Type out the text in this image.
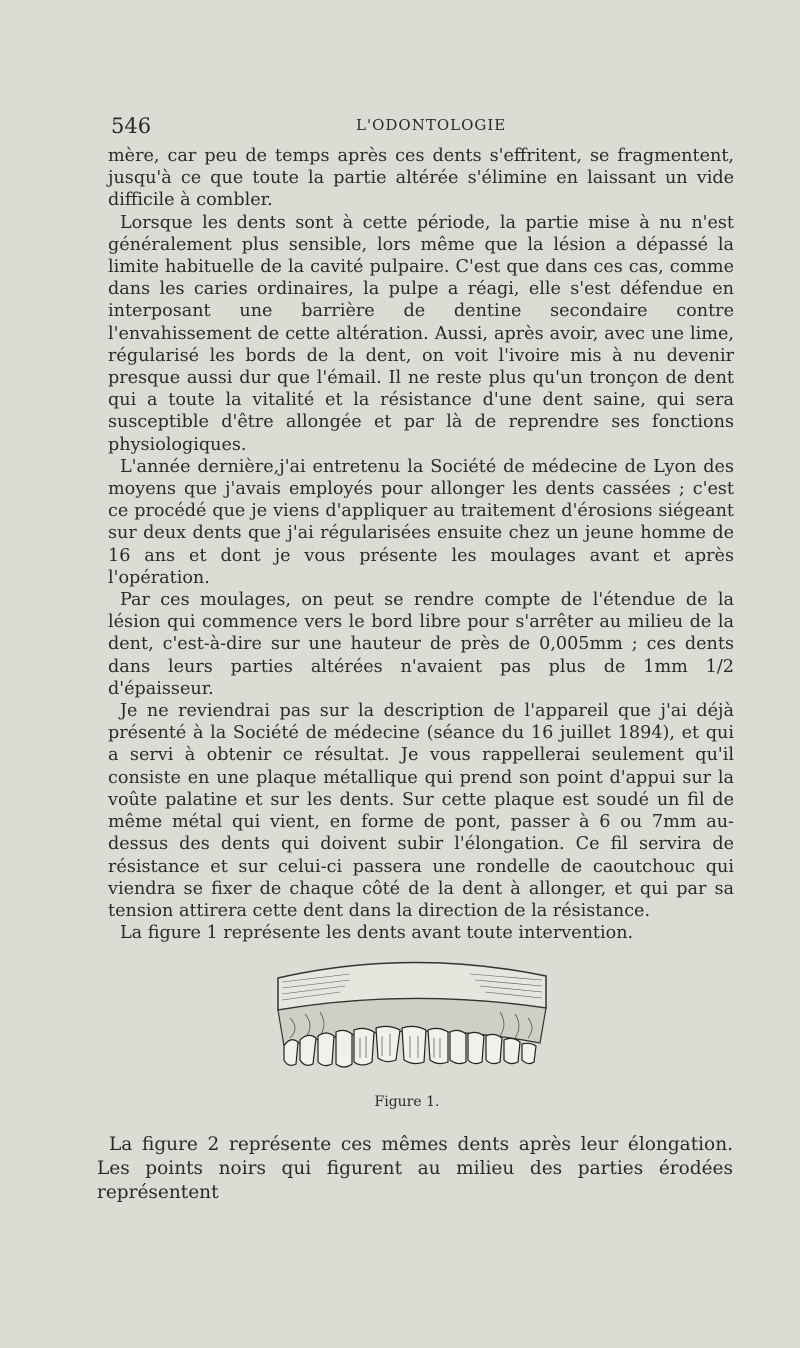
546	L'ODONTOLOGIE

mère, car peu de temps après ces dents s'effritent, se fragmentent, jusqu'à ce que toute la partie altérée s'élimine en laissant un vide difficile à combler.

Lorsque les dents sont à cette période, la partie mise à nu n'est généralement plus sensible, lors même que la lésion a dépassé la limite habituelle de la cavité pulpaire. C'est que dans ces cas, comme dans les caries ordinaires, la pulpe a réagi, elle s'est défendue en interposant une barrière de dentine secondaire contre l'envahissement de cette altération. Aussi, après avoir, avec une lime, régularisé les bords de la dent, on voit l'ivoire mis à nu devenir presque aussi dur que l'émail. Il ne reste plus qu'un tronçon de dent qui a toute la vitalité et la résistance d'une dent saine, qui sera susceptible d'être allongée et par là de reprendre ses fonctions physiologiques.

L'année dernière,j'ai entretenu la Société de médecine de Lyon des moyens que j'avais employés pour allonger les dents cassées ; c'est ce procédé que je viens d'appliquer au traitement d'érosions siégeant sur deux dents que j'ai régularisées ensuite chez un jeune homme de 16 ans et dont je vous présente les moulages avant et après l'opération.

Par ces moulages, on peut se rendre compte de l'étendue de la lésion qui commence vers le bord libre pour s'arrêter au milieu de la dent, c'est-à-dire sur une hauteur de près de 0,005mm ; ces dents dans leurs parties altérées n'avaient pas plus de 1mm 1/2 d'épaisseur.

Je ne reviendrai pas sur la description de l'appareil que j'ai déjà présenté à la Société de médecine (séance du 16 juillet 1894), et qui a servi à obtenir ce résultat. Je vous rappellerai seulement qu'il consiste en une plaque métallique qui prend son point d'appui sur la voûte palatine et sur les dents. Sur cette plaque est soudé un fil de même métal qui vient, en forme de pont, passer à 6 ou 7mm au-dessus des dents qui doivent subir l'élongation. Ce fil servira de résistance et sur celui-ci passera une rondelle de caoutchouc qui viendra se fixer de chaque côté de la dent à allonger, et qui par sa tension attirera cette dent dans la direction de la résistance.

La figure 1 représente les dents avant toute intervention.

Figure 1.

La figure 2 représente ces mêmes dents après leur élongation. Les points noirs qui figurent au milieu des parties érodées représentent
